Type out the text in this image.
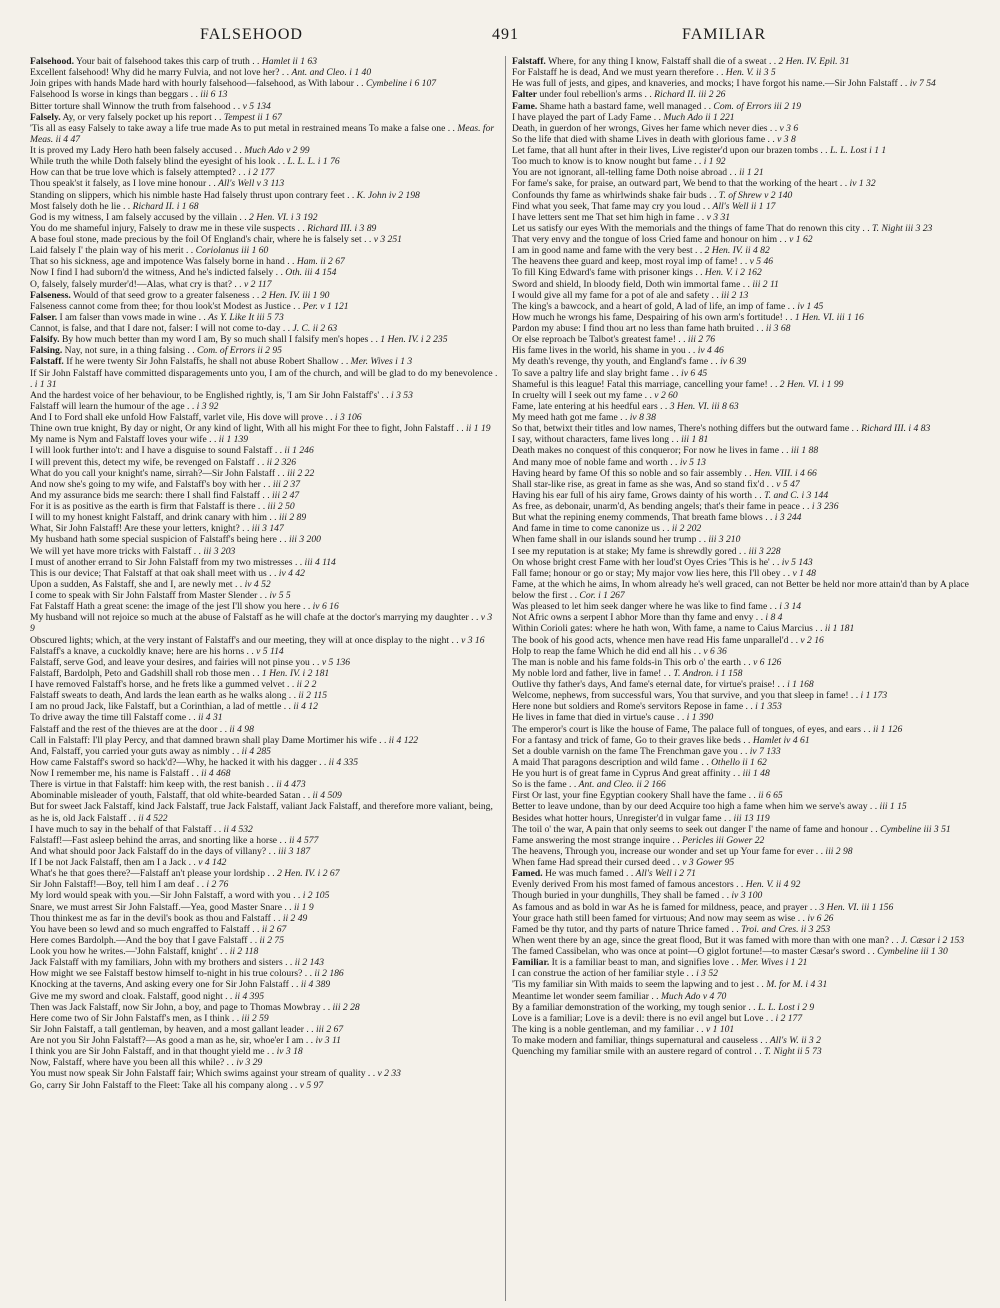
FALSEHOOD	491	FAMILIAR

Falsehood. Your bait of falsehood takes this carp of truth . . Hamlet ii 1 63

Excellent falsehood! Why did he marry Fulvia, and not love her? . . Ant. and Cleo. i 1 40

Join gripes with hands Made hard with hourly falsehood—falsehood, as With labour . . Cymbeline i 6 107

Falsehood Is worse in kings than beggars . . iii 6 13

Bitter torture shall Winnow the truth from falsehood . . v 5 134

Falsely. Ay, or very falsely pocket up his report . . Tempest ii 1 67

'Tis all as easy Falsely to take away a life true made As to put metal in restrained means To make a false one . . Meas. for Meas. ii 4 47

It is proved my Lady Hero hath been falsely accused . . Much Ado v 2 99

While truth the while Doth falsely blind the eyesight of his look . . L. L. L. i 1 76

How can that be true love which is falsely attempted? . . i 2 177

Thou speak'st it falsely, as I love mine honour . . All's Well v 3 113

Standing on slippers, which his nimble haste Had falsely thrust upon contrary feet . . K. John iv 2 198

Most falsely doth he lie . . Richard II. i 1 68

God is my witness, I am falsely accused by the villain . . 2 Hen. VI. i 3 192

You do me shameful injury, Falsely to draw me in these vile suspects . . Richard III. i 3 89

A base foul stone, made precious by the foil Of England's chair, where he is falsely set . . v 3 251

Laid falsely I' the plain way of his merit . . Coriolanus iii 1 60

That so his sickness, age and impotence Was falsely borne in hand . . Ham. ii 2 67

Now I find I had suborn'd the witness, And he's indicted falsely . . Oth. iii 4 154

O, falsely, falsely murder'd!—Alas, what cry is that? . . v 2 117

Falseness. Would of that seed grow to a greater falseness . . 2 Hen. IV. iii 1 90

Falseness cannot come from thee; for thou look'st Modest as Justice . . Per. v 1 121

Falser. I am falser than vows made in wine . . As Y. Like It iii 5 73

Cannot, is false, and that I dare not, falser: I will not come to-day . . J. C. ii 2 63

Falsify. By how much better than my word I am, By so much shall I falsify men's hopes . . 1 Hen. IV. i 2 235

Falsing. Nay, not sure, in a thing falsing . . Com. of Errors ii 2 95

Falstaff. If he were twenty Sir John Falstaffs, he shall not abuse Robert Shallow . . Mer. Wives i 1 3

If Sir John Falstaff have committed disparagements unto you, I am of the church, and will be glad to do my benevolence . . i 1 31

And the hardest voice of her behaviour, to be Englished rightly, is, 'I am Sir John Falstaff's' . . i 3 53

Falstaff will learn the humour of the age . . i 3 92

And I to Ford shall eke unfold How Falstaff, varlet vile, His dove will prove . . i 3 106

Thine own true knight, By day or night, Or any kind of light, With all his might For thee to fight, John Falstaff . . ii 1 19

My name is Nym and Falstaff loves your wife . . ii 1 139

I will look further into't: and I have a disguise to sound Falstaff . . ii 1 246

I will prevent this, detect my wife, be revenged on Falstaff . . ii 2 326

What do you call your knight's name, sirrah?—Sir John Falstaff . . iii 2 22

And now she's going to my wife, and Falstaff's boy with her . . iii 2 37

And my assurance bids me search: there I shall find Falstaff . . iii 2 47

For it is as positive as the earth is firm that Falstaff is there . . iii 2 50

I will to my honest knight Falstaff, and drink canary with him . . iii 2 89

What, Sir John Falstaff! Are these your letters, knight? . . iii 3 147

My husband hath some special suspicion of Falstaff's being here . . iii 3 200

We will yet have more tricks with Falstaff . . iii 3 203

I must of another errand to Sir John Falstaff from my two mistresses . . iii 4 114

This is our device; That Falstaff at that oak shall meet with us . . iv 4 42

Upon a sudden, As Falstaff, she and I, are newly met . . iv 4 52

I come to speak with Sir John Falstaff from Master Slender . . iv 5 5

Fat Falstaff Hath a great scene: the image of the jest I'll show you here . . iv 6 16

My husband will not rejoice so much at the abuse of Falstaff as he will chafe at the doctor's marrying my daughter . . v 3 9

Obscured lights; which, at the very instant of Falstaff's and our meeting, they will at once display to the night . . v 3 16

Falstaff's a knave, a cuckoldly knave; here are his horns . . v 5 114

Falstaff, serve God, and leave your desires, and fairies will not pinse you . . v 5 136

Falstaff, Bardolph, Peto and Gadshill shall rob those men . . 1 Hen. IV. i 2 181

I have removed Falstaff's horse, and he frets like a gummed velvet . . ii 2 2

Falstaff sweats to death, And lards the lean earth as he walks along . . ii 2 115

I am no proud Jack, like Falstaff, but a Corinthian, a lad of mettle . . ii 4 12

To drive away the time till Falstaff come . . ii 4 31

Falstaff and the rest of the thieves are at the door . . ii 4 98

Call in Falstaff: I'll play Percy, and that damned brawn shall play Dame Mortimer his wife . . ii 4 122

And, Falstaff, you carried your guts away as nimbly . . ii 4 285

How came Falstaff's sword so hack'd?—Why, he hacked it with his dagger . . ii 4 335

Now I remember me, his name is Falstaff . . ii 4 468

There is virtue in that Falstaff: him keep with, the rest banish . . ii 4 473

Abominable misleader of youth, Falstaff, that old white-bearded Satan . . ii 4 509

But for sweet Jack Falstaff, kind Jack Falstaff, true Jack Falstaff, valiant Jack Falstaff, and therefore more valiant, being, as he is, old Jack Falstaff . . ii 4 522

I have much to say in the behalf of that Falstaff . . ii 4 532

Falstaff!—Fast asleep behind the arras, and snorting like a horse . . ii 4 577

And what should poor Jack Falstaff do in the days of villany? . . iii 3 187

If I be not Jack Falstaff, then am I a Jack . . v 4 142

What's he that goes there?—Falstaff an't please your lordship . . 2 Hen. IV. i 2 67

Sir John Falstaff!—Boy, tell him I am deaf . . i 2 76

My lord would speak with you.—Sir John Falstaff, a word with you . . i 2 105

Snare, we must arrest Sir John Falstaff.—Yea, good Master Snare . . ii 1 9

Thou thinkest me as far in the devil's book as thou and Falstaff . . ii 2 49

You have been so lewd and so much engraffed to Falstaff . . ii 2 67

Here comes Bardolph.—And the boy that I gave Falstaff . . ii 2 75

Look you how he writes.—'John Falstaff, knight' . . ii 2 118

Jack Falstaff with my familiars, John with my brothers and sisters . . ii 2 143

How might we see Falstaff bestow himself to-night in his true colours? . . ii 2 186

Knocking at the taverns, And asking every one for Sir John Falstaff . . ii 4 389

Give me my sword and cloak. Falstaff, good night . . ii 4 395

Then was Jack Falstaff, now Sir John, a boy, and page to Thomas Mowbray . . iii 2 28

Here come two of Sir John Falstaff's men, as I think . . iii 2 59

Sir John Falstaff, a tall gentleman, by heaven, and a most gallant leader . . iii 2 67

Are not you Sir John Falstaff?—As good a man as he, sir, whoe'er I am . . iv 3 11

I think you are Sir John Falstaff, and in that thought yield me . . iv 3 18

Now, Falstaff, where have you been all this while? . . iv 3 29

You must now speak Sir John Falstaff fair; Which swims against your stream of quality . . v 2 33

Go, carry Sir John Falstaff to the Fleet: Take all his company along . . v 5 97

Falstaff. Where, for any thing I know, Falstaff shall die of a sweat . . 2 Hen. IV. Epil. 31

For Falstaff he is dead, And we must yearn therefore . . Hen. V. ii 3 5

He was full of jests, and gipes, and knaveries, and mocks; I have forgot his name.—Sir John Falstaff . . iv 7 54

Falter under foul rebellion's arms . . Richard II. iii 2 26

Fame. Shame hath a bastard fame, well managed . . Com. of Errors iii 2 19

I have played the part of Lady Fame . . Much Ado ii 1 221

Death, in guerdon of her wrongs, Gives her fame which never dies . . v 3 6

So the life that died with shame Lives in death with glorious fame . . v 3 8

Let fame, that all hunt after in their lives, Live register'd upon our brazen tombs . . L. L. Lost i 1 1

Too much to know is to know nought but fame . . i 1 92

You are not ignorant, all-telling fame Doth noise abroad . . ii 1 21

For fame's sake, for praise, an outward part, We bend to that the working of the heart . . iv 1 32

Confounds thy fame as whirlwinds shake fair buds . . T. of Shrew v 2 140

Find what you seek, That fame may cry you loud . . All's Well ii 1 17

I have letters sent me That set him high in fame . . v 3 31

Let us satisfy our eyes With the memorials and the things of fame That do renown this city . . T. Night iii 3 23

That very envy and the tongue of loss Cried fame and honour on him . . v 1 62

I am in good name and fame with the very best . . 2 Hen. IV. ii 4 82

The heavens thee guard and keep, most royal imp of fame! . . v 5 46

To fill King Edward's fame with prisoner kings . . Hen. V. i 2 162

Sword and shield, In bloody field, Doth win immortal fame . . iii 2 11

I would give all my fame for a pot of ale and safety . . iii 2 13

The king's a bawcock, and a heart of gold, A lad of life, an imp of fame . . iv 1 45

How much he wrongs his fame, Despairing of his own arm's fortitude! . . 1 Hen. VI. iii 1 16

Pardon my abuse: I find thou art no less than fame hath bruited . . ii 3 68

Or else reproach be Talbot's greatest fame! . . iii 2 76

His fame lives in the world, his shame in you . . iv 4 46

My death's revenge, thy youth, and England's fame . . iv 6 39

To save a paltry life and slay bright fame . . iv 6 45

Shameful is this league! Fatal this marriage, cancelling your fame! . . 2 Hen. VI. i 1 99

In cruelty will I seek out my fame . . v 2 60

Fame, late entering at his heedful ears . . 3 Hen. VI. iii 8 63

My meed hath got me fame . . iv 8 38

So that, betwixt their titles and low names, There's nothing differs but the outward fame . . Richard III. i 4 83

I say, without characters, fame lives long . . iii 1 81

Death makes no conquest of this conqueror; For now he lives in fame . . iii 1 88

And many moe of noble fame and worth . . iv 5 13

Having heard by fame Of this so noble and so fair assembly . . Hen. VIII. i 4 66

Shall star-like rise, as great in fame as she was, And so stand fix'd . . v 5 47

Having his ear full of his airy fame, Grows dainty of his worth . . T. and C. i 3 144

As free, as debonair, unarm'd, As bending angels; that's their fame in peace . . i 3 236

But what the repining enemy commends, That breath fame blows . . i 3 244

And fame in time to come canonize us . . ii 2 202

When fame shall in our islands sound her trump . . iii 3 210

I see my reputation is at stake; My fame is shrewdly gored . . iii 3 228

On whose bright crest Fame with her loud'st Oyes Cries 'This is he' . . iv 5 143

Fall fame; honour or go or stay; My major vow lies here, this I'll obey . . v 1 48

Fame, at the which he aims, In whom already he's well graced, can not Better be held nor more attain'd than by A place below the first . . Cor. i 1 267

Was pleased to let him seek danger where he was like to find fame . . i 3 14

Not Afric owns a serpent I abhor More than thy fame and envy . . i 8 4

Within Corioli gates: where he hath won, With fame, a name to Caius Marcius . . ii 1 181

The book of his good acts, whence men have read His fame unparallel'd . . v 2 16

Holp to reap the fame Which he did end all his . . v 6 36

The man is noble and his fame folds-in This orb o' the earth . . v 6 126

My noble lord and father, live in fame! . . T. Andron. i 1 158

Outlive thy father's days, And fame's eternal date, for virtue's praise! . . i 1 168

Welcome, nephews, from successful wars, You that survive, and you that sleep in fame! . . i 1 173

Here none but soldiers and Rome's servitors Repose in fame . . i 1 353

He lives in fame that died in virtue's cause . . i 1 390

The emperor's court is like the house of Fame, The palace full of tongues, of eyes, and ears . . ii 1 126

For a fantasy and trick of fame, Go to their graves like beds . . Hamlet iv 4 61

Set a double varnish on the fame The Frenchman gave you . . iv 7 133

A maid That paragons description and wild fame . . Othello ii 1 62

He you hurt is of great fame in Cyprus And great affinity . . iii 1 48

So is the fame . . Ant. and Cleo. ii 2 166

First Or last, your fine Egyptian cookery Shall have the fame . . ii 6 65

Better to leave undone, than by our deed Acquire too high a fame when him we serve's away . . iii 1 15

Besides what hotter hours, Unregister'd in vulgar fame . . iii 13 119

The toil o' the war, A pain that only seems to seek out danger I' the name of fame and honour . . Cymbeline iii 3 51

Fame answering the most strange inquire . . Pericles iii Gower 22

The heavens, Through you, increase our wonder and set up Your fame for ever . . iii 2 98

When fame Had spread their cursed deed . . v 3 Gower 95

Famed. He was much famed . . All's Well i 2 71

Evenly derived From his most famed of famous ancestors . . Hen. V. ii 4 92

Though buried in your dunghills, They shall be famed . . iv 3 100

As famous and as bold in war As he is famed for mildness, peace, and prayer . . 3 Hen. VI. iii 1 156

Your grace hath still been famed for virtuous; And now may seem as wise . . iv 6 26

Famed be thy tutor, and thy parts of nature Thrice famed . . Troi. and Cres. ii 3 253

When went there by an age, since the great flood, But it was famed with more than with one man? . . J. Cæsar i 2 153

The famed Cassibelan, who was once at point—O giglot fortune!—to master Cæsar's sword . . Cymbeline iii 1 30

Familiar. It is a familiar beast to man, and signifies love . . Mer. Wives i 1 21

I can construe the action of her familiar style . . i 3 52

'Tis my familiar sin With maids to seem the lapwing and to jest . . M. for M. i 4 31

Meantime let wonder seem familiar . . Much Ado v 4 70

By a familiar demonstration of the working, my tough senior . . L. L. Lost i 2 9

Love is a familiar; Love is a devil: there is no evil angel but Love . . i 2 177

The king is a noble gentleman, and my familiar . . v 1 101

To make modern and familiar, things supernatural and causeless . . All's W. ii 3 2

Quenching my familiar smile with an austere regard of control . . T. Night ii 5 73
